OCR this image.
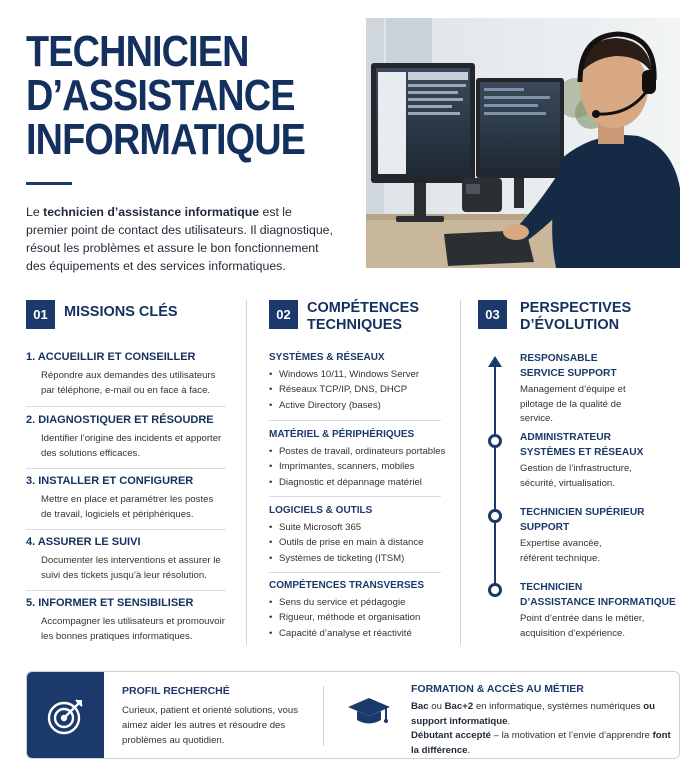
TECHNICIEN
D’ASSISTANCE
INFORMATIQUE

Le technicien d’assistance informatique est le premier point de contact des utilisateurs. Il diagnostique, résout les problèmes et assure le bon fonctionnement des équipements et des services informatiques.

01	MISSIONS CLÉS
1. ACCUEILLIR ET CONSEILLER
Répondre aux demandes des utilisateurs par téléphone, e-mail ou en face à face.
2. DIAGNOSTIQUER ET RÉSOUDRE
Identifier l’origine des incidents et apporter des solutions efficaces.
3. INSTALLER ET CONFIGURER
Mettre en place et paramétrer les postes de travail, logiciels et périphériques.
4. ASSURER LE SUIVI
Documenter les interventions et assurer le suivi des tickets jusqu’à leur résolution.
5. INFORMER ET SENSIBILISER
Accompagner les utilisateurs et promouvoir les bonnes pratiques informatiques.
02	COMPÉTENCES
TECHNIQUES
SYSTÈMES & RÉSEAUX
• Windows 10/11, Windows Server
• Réseaux TCP/IP, DNS, DHCP
• Active Directory (bases)
MATÉRIEL & PÉRIPHÉRIQUES
• Postes de travail, ordinateurs portables
• Imprimantes, scanners, mobiles
• Diagnostic et dépannage matériel
LOGICIELS & OUTILS
• Suite Microsoft 365
• Outils de prise en main à distance
• Systèmes de ticketing (ITSM)
COMPÉTENCES TRANSVERSES
• Sens du service et pédagogie
• Rigueur, méthode et organisation
• Capacité d’analyse et réactivité
03	PERSPECTIVES
D’ÉVOLUTION
RESPONSABLE
SERVICE SUPPORT
Management d’équipe et pilotage de la qualité de service.
ADMINISTRATEUR
SYSTÈMES ET RÉSEAUX
Gestion de l’infrastructure, sécurité, virtualisation.
TECHNICIEN SUPÉRIEUR
SUPPORT
Expertise avancée, référent technique.
TECHNICIEN
D’ASSISTANCE INFORMATIQUE
Point d’entrée dans le métier, acquisition d’expérience.
PROFIL RECHERCHÉ
Curieux, patient et orienté solutions, vous aimez aider les autres et résoudre des problèmes au quotidien.
FORMATION & ACCÈS AU MÉTIER
Bac ou Bac+2 en informatique, systèmes numériques ou support informatique.
Débutant accepté – la motivation et l’envie d’apprendre font la différence.
